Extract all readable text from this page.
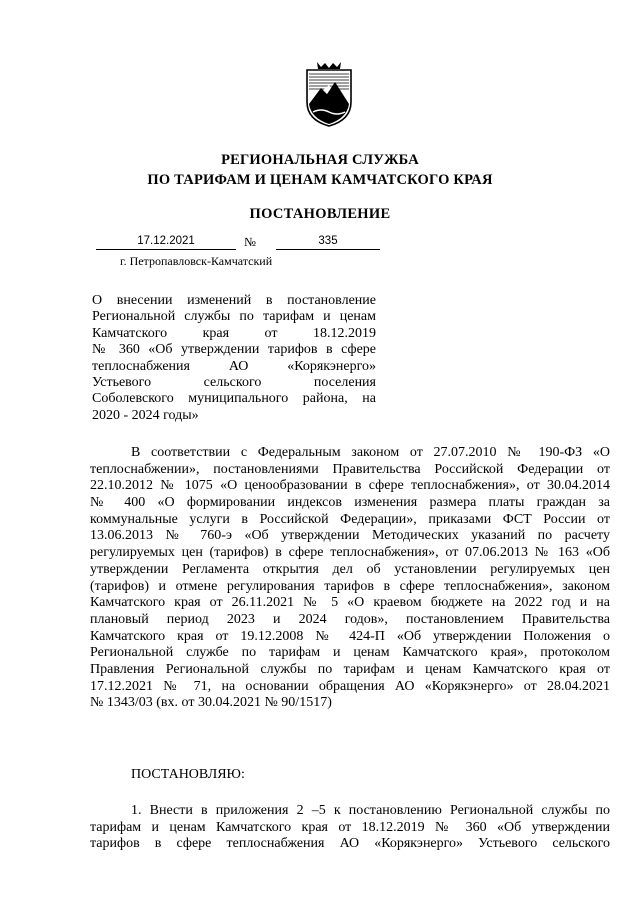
РЕГИОНАЛЬНАЯ СЛУЖБА
ПО ТАРИФАМ И ЦЕНАМ КАМЧАТСКОГО КРАЯ
ПОСТАНОВЛЕНИЕ
17.12.2021	№	335
г. Петропавловск-Камчатский
О внесении изменений в постановление
Региональной службы по тарифам и ценам
Камчатского края от 18.12.2019
№ 360 «Об утверждении тарифов в сфере
теплоснабжения АО «Корякэнерго»
Устьевого сельского поселения
Соболевского муниципального района, на
2020 - 2024 годы»
В соответствии с Федеральным законом от 27.07.2010 № 190-ФЗ «О
теплоснабжении», постановлениями Правительства Российской Федерации от
22.10.2012 № 1075 «О ценообразовании в сфере теплоснабжения», от 30.04.2014
№ 400 «О формировании индексов изменения размера платы граждан за
коммунальные услуги в Российской Федерации», приказами ФСТ России от
13.06.2013 № 760-э «Об утверждении Методических указаний по расчету
регулируемых цен (тарифов) в сфере теплоснабжения», от 07.06.2013 № 163 «Об
утверждении Регламента открытия дел об установлении регулируемых цен
(тарифов) и отмене регулирования тарифов в сфере теплоснабжения», законом
Камчатского края от 26.11.2021 № 5 «О краевом бюджете на 2022 год и на
плановый период 2023 и 2024 годов», постановлением Правительства
Камчатского края от 19.12.2008 № 424-П «Об утверждении Положения о
Региональной службе по тарифам и ценам Камчатского края», протоколом
Правления Региональной службы по тарифам и ценам Камчатского края от
17.12.2021 № 71, на основании обращения АО «Корякэнерго» от 28.04.2021
№ 1343/03 (вх. от 30.04.2021 № 90/1517)
ПОСТАНОВЛЯЮ:
1. Внести в приложения 2 –5 к постановлению Региональной службы по
тарифам и ценам Камчатского края от 18.12.2019 № 360 «Об утверждении
тарифов в сфере теплоснабжения АО «Корякэнерго» Устьевого сельского
